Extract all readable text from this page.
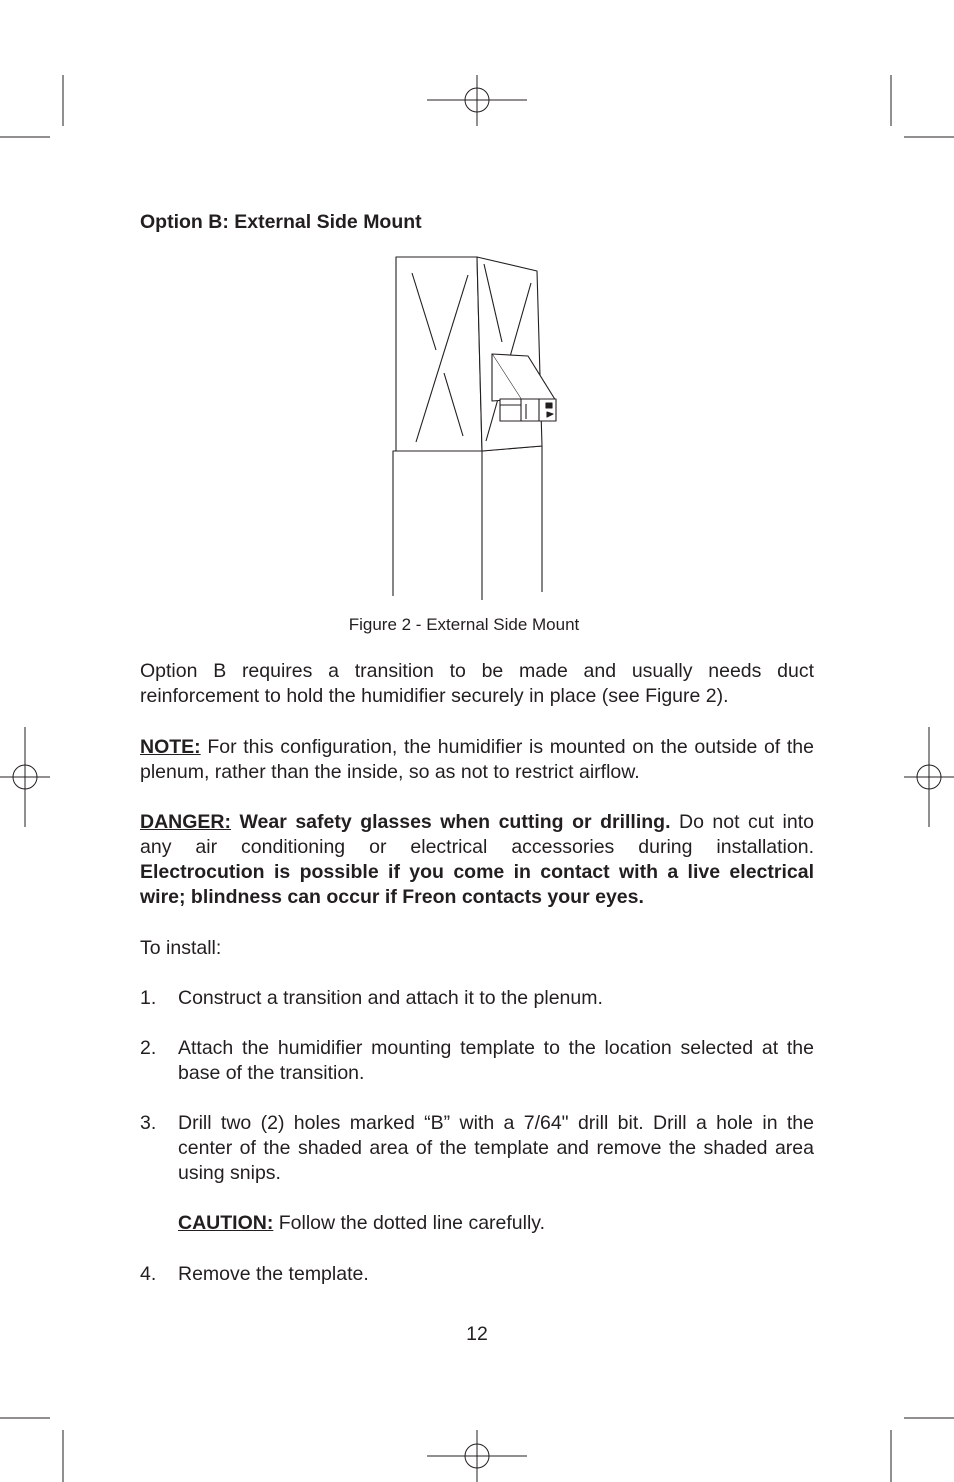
Option B: External Side Mount
Figure 2 - External Side Mount

Option B requires a transition to be made and usually needs duct reinforcement to hold the humidifier securely in place (see Figure 2).

NOTE: For this configuration, the humidifier is mounted on the outside of the plenum, rather than the inside, so as not to restrict airflow.

DANGER: Wear safety glasses when cutting or drilling. Do not cut into any air conditioning or electrical accessories during installation. Electrocution is possible if you come in contact with a live electrical wire; blindness can occur if Freon contacts your eyes.

To install:

1. Construct a transition and attach it to the plenum.
2. Attach the humidifier mounting template to the location selected at the base of the transition.
3. Drill two (2) holes marked “B” with a 7/64" drill bit. Drill a hole in the center of the shaded area of the template and remove the shaded area using snips.
CAUTION: Follow the dotted line carefully.
4. Remove the template.
12
